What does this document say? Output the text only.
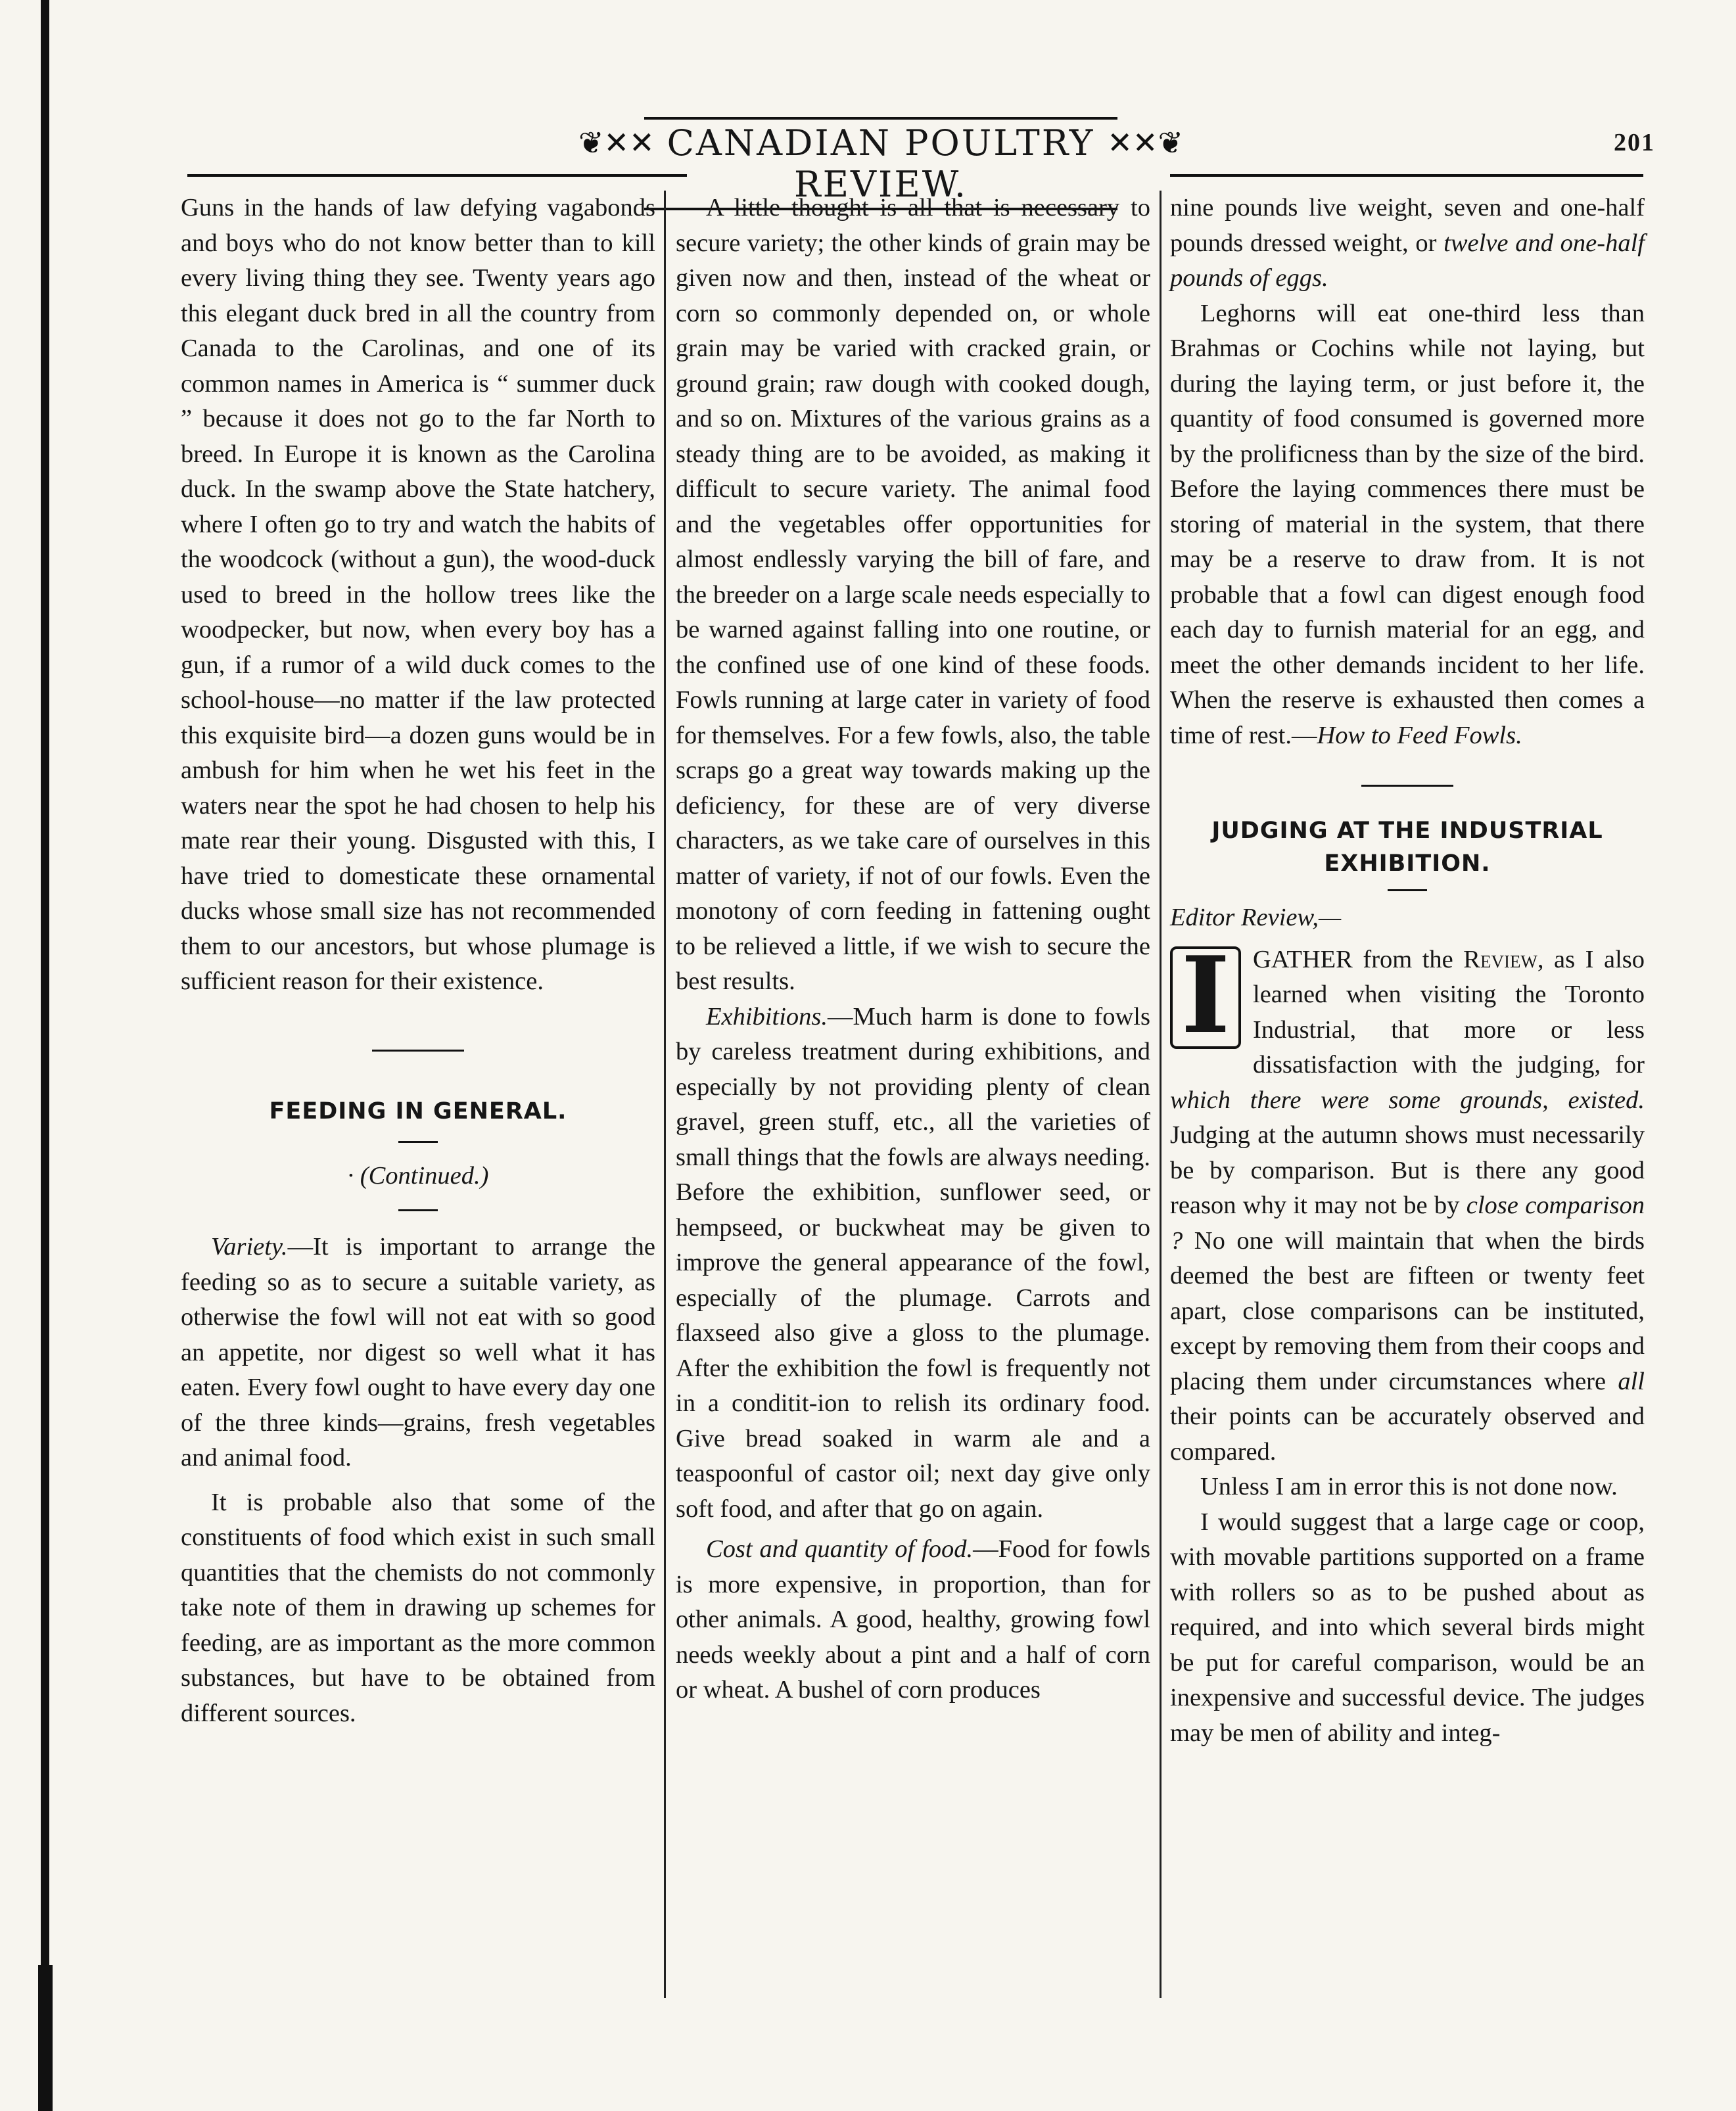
❦✕✕ CANADIAN POULTRY REVIEW.
✕✕❦	201

Guns in the hands of law defying vagabonds and boys who do not know better than to kill every living thing they see. Twenty years ago this elegant duck bred in all the country from Canada to the Carolinas, and one of its common names in America is “ summer duck ” because it does not go to the far North to breed. In Europe it is known as the Carolina duck. In the swamp above the State hatchery, where I often go to try and watch the habits of the woodcock (without a gun), the wood-duck used to breed in the hollow trees like the woodpecker, but now, when every boy has a gun, if a rumor of a wild duck comes to the school-house—no matter if the law protected this exquisite bird—a dozen guns would be in ambush for him when he wet his feet in the waters near the spot he had chosen to help his mate rear their young. Disgusted with this, I have tried to domesticate these ornamental ducks whose small size has not recommended them to our ancestors, but whose plumage is sufficient reason for their existence.

FEEDING IN GENERAL.
· (Continued.)

Variety.—It is important to arrange the feeding so as to secure a suitable variety, as otherwise the fowl will not eat with so good an appetite, nor digest so well what it has eaten. Every fowl ought to have every day one of the three kinds—grains, fresh vegetables and animal food.

It is probable also that some of the constituents of food which exist in such small quantities that the chemists do not commonly take note of them in drawing up schemes for feeding, are as important as the more common substances, but have to be obtained from different sources.

A little thought is all that is necessary to secure variety; the other kinds of grain may be given now and then, instead of the wheat or corn so commonly depended on, or whole grain may be varied with cracked grain, or ground grain; raw dough with cooked dough, and so on. Mixtures of the various grains as a steady thing are to be avoided, as making it difficult to secure variety. The animal food and the vegetables offer opportunities for almost endlessly varying the bill of fare, and the breeder on a large scale needs especially to be warned against falling into one routine, or the confined use of one kind of these foods. Fowls running at large cater in variety of food for themselves. For a few fowls, also, the table scraps go a great way towards making up the deficiency, for these are of very diverse characters, as we take care of ourselves in this matter of variety, if not of our fowls. Even the monotony of corn feeding in fattening ought to be relieved a little, if we wish to secure the best results.

Exhibitions.—Much harm is done to fowls by careless treatment during exhibitions, and especially by not providing plenty of clean gravel, green stuff, etc., all the varieties of small things that the fowls are always needing. Before the exhibition, sunflower seed, or hempseed, or buckwheat may be given to improve the general appearance of the fowl, especially of the plumage. Carrots and flaxseed also give a gloss to the plumage. After the exhibition the fowl is frequently not in a conditit-ion to relish its ordinary food. Give bread soaked in warm ale and a teaspoonful of castor oil; next day give only soft food, and after that go on again.

Cost and quantity of food.—Food for fowls is more expensive, in proportion, than for other animals. A good, healthy, growing fowl needs weekly about a pint and a half of corn or wheat. A bushel of corn produces

nine pounds live weight, seven and one-half pounds dressed weight, or twelve and one-half pounds of eggs.

Leghorns will eat one-third less than Brahmas or Cochins while not laying, but during the laying term, or just before it, the quantity of food consumed is governed more by the prolificness than by the size of the bird. Before the laying commences there must be storing of material in the system, that there may be a reserve to draw from. It is not probable that a fowl can digest enough food each day to furnish material for an egg, and meet the other demands incident to her life. When the reserve is exhausted then comes a time of rest.—How to Feed Fowls.

JUDGING AT THE INDUSTRIAL EXHIBITION.

Editor Review,—

I GATHER from the Review, as I also learned when visiting the Toronto Industrial, that more or less dissatisfaction with the judging, for which there were some grounds, existed. Judging at the autumn shows must necessarily be by comparison. But is there any good reason why it may not be by close comparison ? No one will maintain that when the birds deemed the best are fifteen or twenty feet apart, close comparisons can be instituted, except by removing them from their coops and placing them under circumstances where all their points can be accurately observed and compared.

Unless I am in error this is not done now.

I would suggest that a large cage or coop, with movable partitions supported on a frame with rollers so as to be pushed about as required, and into which several birds might be put for careful comparison, would be an inexpensive and successful device. The judges may be men of ability and integ-
